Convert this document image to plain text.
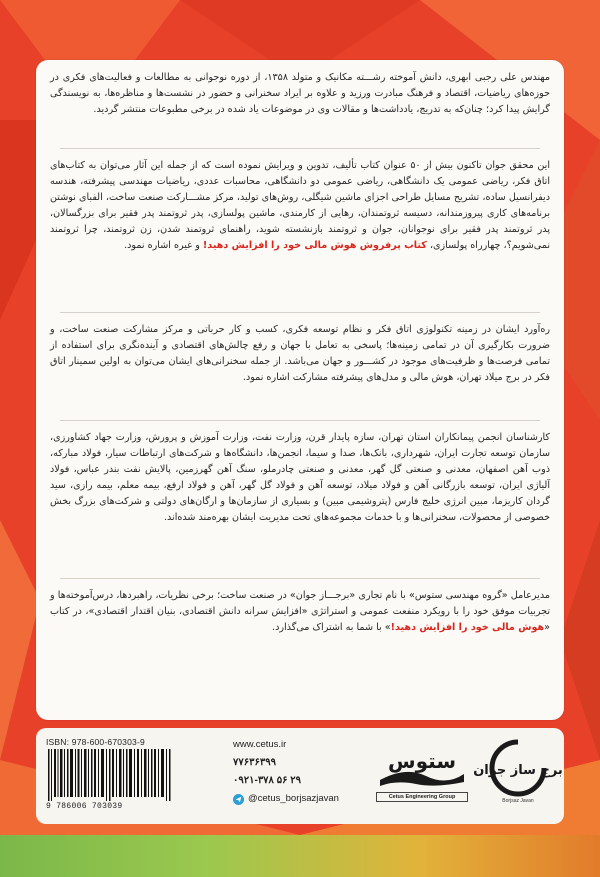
مهندس علی رجبی ابهری، دانش آموخته رشـــته مکانیک و متولد ۱۳۵۸، از دوره نوجوانی به مطالعات و فعالیت‌های فکری در حوزه‌های ریاضیات، اقتصاد و فرهنگ مبادرت ورزید و علاوه بر ایراد سخنرانی و حضور در نشست‌ها و مناظره‌ها، به نویسندگی گرایش پیدا کرد؛ چنان‌که به تدریج، یادداشت‌ها و مقالات وی در موضوعات یاد شده در برخی مطبوعات منتشر گردید.
این محقق جوان تاکنون بیش از ۵۰ عنوان کتاب تألیف، تدوین و ویرایش نموده است که از جمله این آثار می‌توان به کتاب‌های اتاق فکر، ریاضی عمومی یک دانشگاهی، ریاضی عمومی دو دانشگاهی، محاسبات عددی، ریاضیات مهندسی پیشرفته، هندسه دیفرانسیل ساده، تشریح مسایل طراحی اجزای ماشین شیگلی، روش‌های تولید، مرکز مشـــارکت صنعت ساخت، الفبای نوشتن برنامه‌های کاری پیروزمندانه، دسیسه ثروتمندان، رهایی از کارمندی، ماشین پولسازی، پدر ثروتمند پدر فقیر برای بزرگسالان، پدر ثروتمند پدر فقیر برای نوجوانان، جوان و ثروتمند بازنشسته شوید، راهنمای ثروتمند شدن، زن ثروتمند، چرا ثروتمند نمی‌شویم؟، چهارراه پولسازی، کتاب پرفروش هوش مالی خود را افزایش دهید! و غیره اشاره نمود.
ره‌آورد ایشان در زمینه تکنولوژی اتاق فکر و نظام توسعه فکری، کسب و کار حرباتی و مرکز مشارکت صنعت ساخت، و ضرورت بکارگیری آن در تمامی زمینه‌ها؛ پاسخی به تعامل با جهان و رفع چالش‌های اقتصادی و آینده‌نگری برای استفاده از تمامی فرصت‌ها و ظرفیت‌های موجود در کشـــور و جهان می‌باشد. از جمله سخنرانی‌های ایشان می‌توان به اولین سمینار اتاق فکر در برج میلاد تهران، هوش مالی و مدل‌های پیشرفته مشارکت اشاره نمود.
کارشناسان انجمن پیمانکاران استان تهران، سازه پایدار قرن، وزارت نفت، وزارت آموزش و پرورش، وزارت جهاد کشاورزی، سازمان توسعه تجارت ایران، شهرداری، بانک‌ها، صدا و سیما، انجمن‌ها، دانشگاه‌ها و شرکت‌های ارتباطات سیار، فولاد مبارکه، ذوب آهن اصفهان، معدنی و صنعتی گل گهر، معدنی و صنعتی چادرملو، سنگ آهن گهرزمین، پالایش نفت بندر عباس، فولاد آلیاژی ایران، توسعه بازرگانی آهن و فولاد میلاد، توسعه آهن و فولاد گل گهر، آهن و فولاد ارفع، بیمه معلم، بیمه رازی، سید گردان کاریزما، مبین انرژی خلیج فارس (پتروشیمی مبین) و بسیاری از سازمان‌ها و ارگان‌های دولتی و شرکت‌های بزرگ بخش خصوصی از محصولات، سخنرانی‌ها و با خدمات مجموعه‌های تحت مدیریت ایشان بهره‌مند شده‌اند.
مدیرعامل «گروه مهندسی ستوس» با نام تجاری «برجـــاز جوان» در صنعت ساخت؛ برخی نظریات، راهبردها، درس‌آموخته‌ها و تجربیات موفق خود را با رویکرد منفعت عمومی و استراتژی «افزایش سرانه دانش اقتصادی، بنیان اقتدار اقتصادی»، در کتاب «هوش مالی خود را افزایش دهید!» با شما به اشتراک می‌گذارد.
ISBN: 978-600-670303-9
9 786006 703039
www.cetus.ir
۷۷۶۳۶۳۹۹
۰۹۲۱-۳۷۸ ۵۶ ۲۹
@cetus_borjsazjavan
ستوس
Cetus Engineering Group
برج ساز جوان
Borjsaz Javan
